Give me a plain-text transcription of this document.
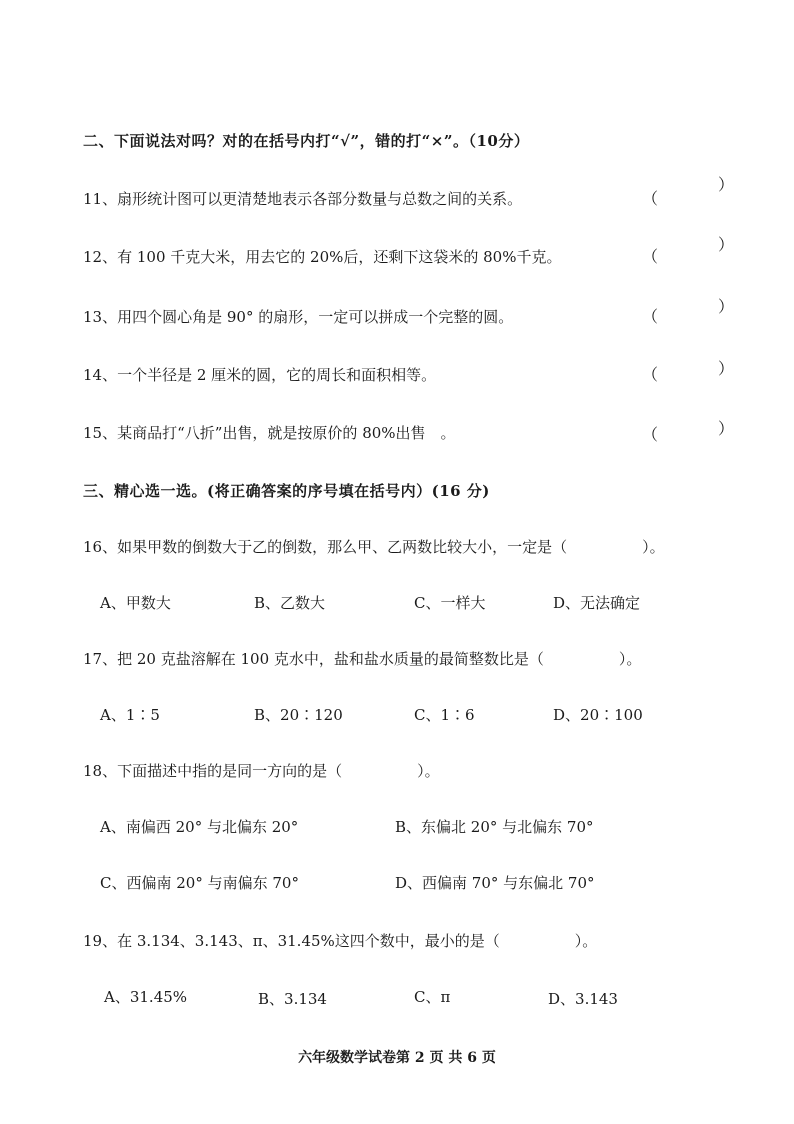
二、下面说法对吗？对的在括号内打“√”，错的打“×”。（10分）
11、扇形统计图可以更清楚地表示各部分数量与总数之间的关系。	（
）
12、有 100 千克大米，用去它的 20%后，还剩下这袋米的 80%千克。	（
）
13、用四个圆心角是 90° 的扇形，一定可以拼成一个完整的圆。	（
）
14、一个半径是 2 厘米的圆，它的周长和面积相等。	（	）
15、某商品打“八折”出售，就是按原价的 80%出售　。	（	）
三、精心选一选。(将正确答案的序号填在括号内）(16 分)
16、如果甲数的倒数大于乙的倒数，那么甲、乙两数比较大小，一定是（　　　　　）。
A、甲数大	B、乙数大	C、一样大	D、无法确定
17、把 20 克盐溶解在 100 克水中，盐和盐水质量的最简整数比是（　　　　　）。
A、1∶5	B、20∶120	C、1∶6	D、20∶100
18、下面描述中指的是同一方向的是（　　　　　）。
A、南偏西 20° 与北偏东 20°	B、东偏北 20° 与北偏东 70°
C、西偏南 20° 与南偏东 70°	D、西偏南 70° 与东偏北 70°
19、在 3.134、3.143、π、31.45%这四个数中，最小的是（　　　　　）。
A、31.45%	B、3.134	C、π	D、3.143
六年级数学试卷第 2 页 共 6 页
